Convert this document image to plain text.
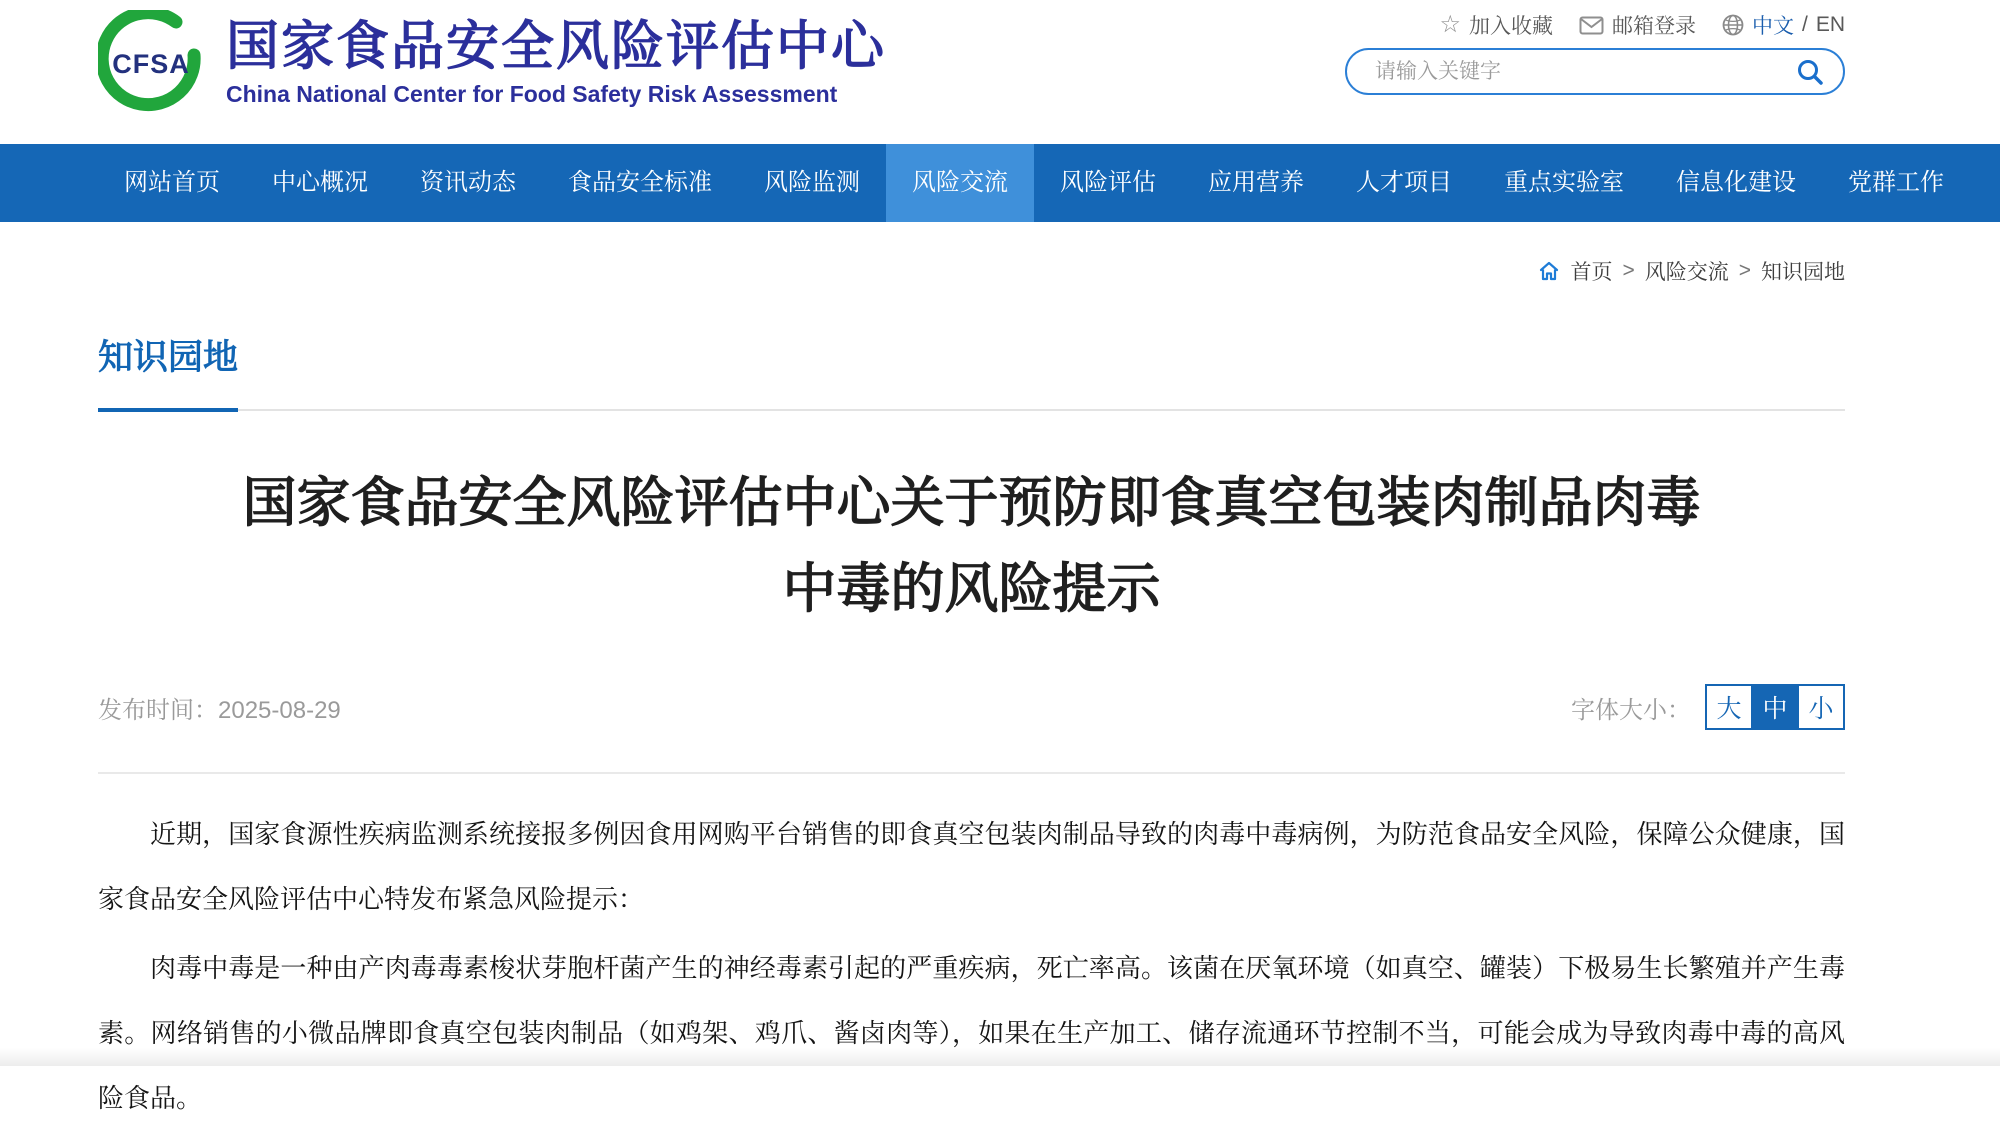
CFSA 国家食品安全风险评估中心
China National Center for Food Safety Risk Assessment
☆ 加入收藏	邮箱登录	中文 / EN
请输入关键字
网站首页	中心概况	资讯动态	食品安全标准	风险监测	风险交流	风险评估	应用营养	人才项目	重点实验室	信息化建设	党群工作
首页 > 风险交流 > 知识园地
知识园地
国家食品安全风险评估中心关于预防即食真空包装肉制品肉毒中毒的风险提示
发布时间：2025-08-29	字体大小：	大 中 小

近期，国家食源性疾病监测系统接报多例因食用网购平台销售的即食真空包装肉制品导致的肉毒中毒病例，为防范食品安全风险，保障公众健康，国家食品安全风险评估中心特发布紧急风险提示：

肉毒中毒是一种由产肉毒毒素梭状芽胞杆菌产生的神经毒素引起的严重疾病，死亡率高。该菌在厌氧环境（如真空、罐装）下极易生长繁殖并产生毒素。网络销售的小微品牌即食真空包装肉制品（如鸡架、鸡爪、酱卤肉等），如果在生产加工、储存流通环节控制不当，可能会成为导致肉毒中毒的高风险食品。
